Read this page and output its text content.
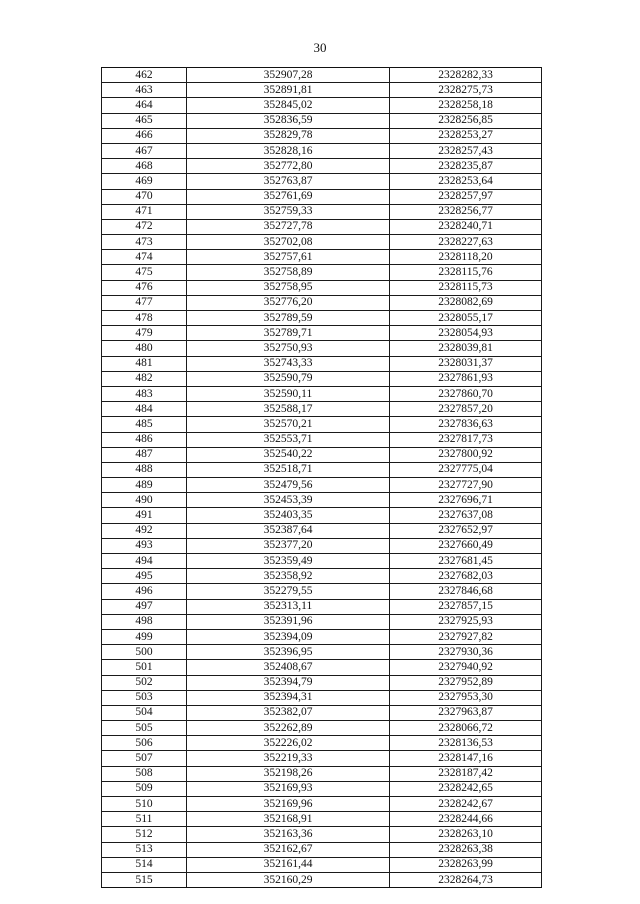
30
462	352907,28	2328282,33
463	352891,81	2328275,73
464	352845,02	2328258,18
465	352836,59	2328256,85
466	352829,78	2328253,27
467	352828,16	2328257,43
468	352772,80	2328235,87
469	352763,87	2328253,64
470	352761,69	2328257,97
471	352759,33	2328256,77
472	352727,78	2328240,71
473	352702,08	2328227,63
474	352757,61	2328118,20
475	352758,89	2328115,76
476	352758,95	2328115,73
477	352776,20	2328082,69
478	352789,59	2328055,17
479	352789,71	2328054,93
480	352750,93	2328039,81
481	352743,33	2328031,37
482	352590,79	2327861,93
483	352590,11	2327860,70
484	352588,17	2327857,20
485	352570,21	2327836,63
486	352553,71	2327817,73
487	352540,22	2327800,92
488	352518,71	2327775,04
489	352479,56	2327727,90
490	352453,39	2327696,71
491	352403,35	2327637,08
492	352387,64	2327652,97
493	352377,20	2327660,49
494	352359,49	2327681,45
495	352358,92	2327682,03
496	352279,55	2327846,68
497	352313,11	2327857,15
498	352391,96	2327925,93
499	352394,09	2327927,82
500	352396,95	2327930,36
501	352408,67	2327940,92
502	352394,79	2327952,89
503	352394,31	2327953,30
504	352382,07	2327963,87
505	352262,89	2328066,72
506	352226,02	2328136,53
507	352219,33	2328147,16
508	352198,26	2328187,42
509	352169,93	2328242,65
510	352169,96	2328242,67
511	352168,91	2328244,66
512	352163,36	2328263,10
513	352162,67	2328263,38
514	352161,44	2328263,99
515	352160,29	2328264,73
